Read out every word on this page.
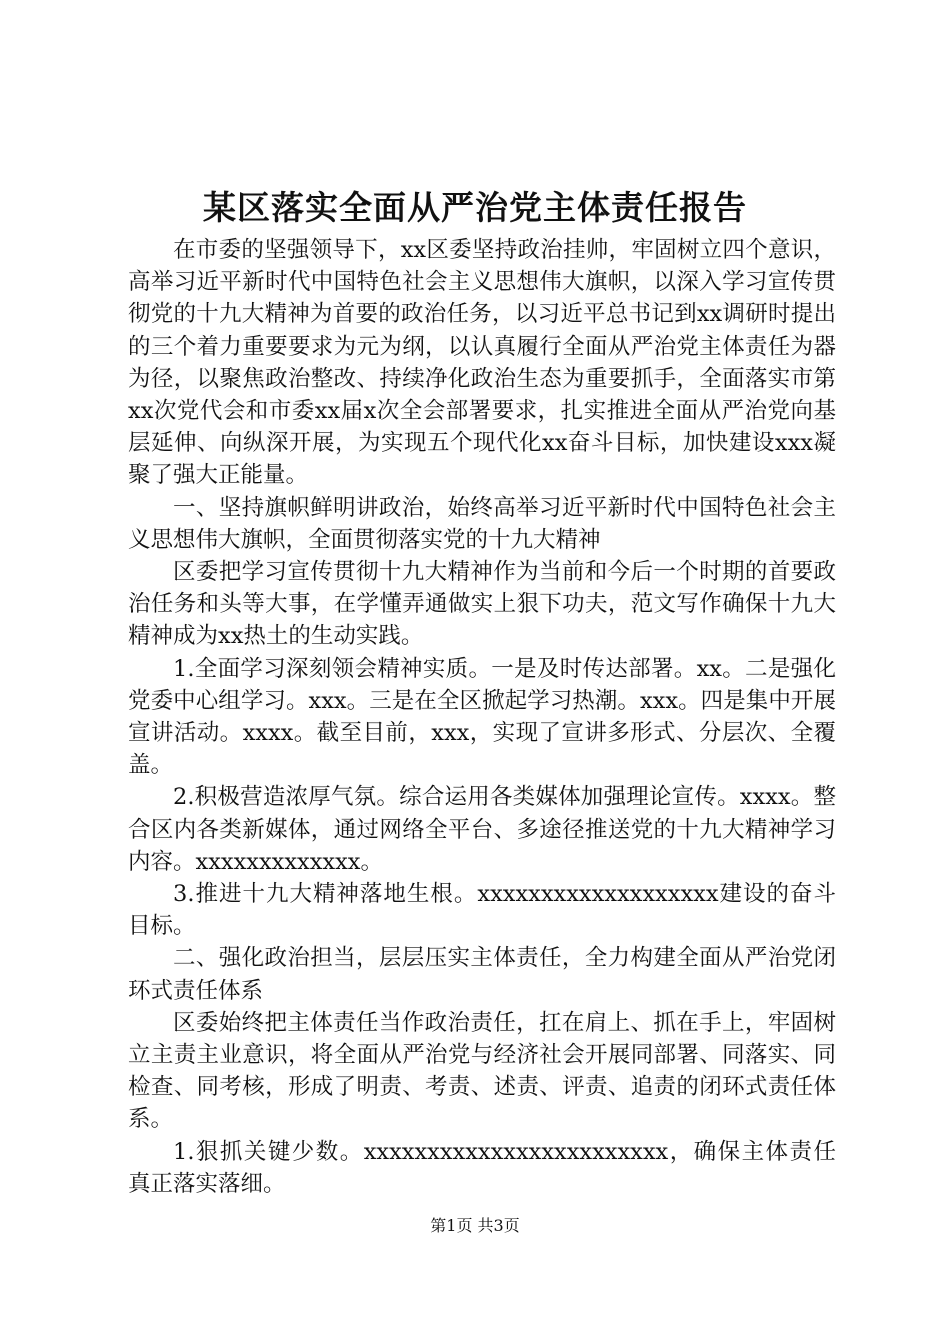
某区落实全面从严治党主体责任报告

在市委的坚强领导下，xx区委坚持政治挂帅，牢固树立四个意识，高举习近平新时代中国特色社会主义思想伟大旗帜，以深入学习宣传贯彻党的十九大精神为首要的政治任务，以习近平总书记到xx调研时提出的三个着力重要要求为元为纲，以认真履行全面从严治党主体责任为器为径，以聚焦政治整改、持续净化政治生态为重要抓手，全面落实市第xx次党代会和市委xx届x次全会部署要求，扎实推进全面从严治党向基层延伸、向纵深开展，为实现五个现代化xx奋斗目标，加快建设xxx凝聚了强大正能量。

一、坚持旗帜鲜明讲政治，始终高举习近平新时代中国特色社会主义思想伟大旗帜，全面贯彻落实党的十九大精神

区委把学习宣传贯彻十九大精神作为当前和今后一个时期的首要政治任务和头等大事，在学懂弄通做实上狠下功夫，范文写作确保十九大精神成为xx热土的生动实践。

1.全面学习深刻领会精神实质。一是及时传达部署。xx。二是强化党委中心组学习。xxx。三是在全区掀起学习热潮。xxx。四是集中开展宣讲活动。xxxx。截至目前，xxx，实现了宣讲多形式、分层次、全覆盖。

2.积极营造浓厚气氛。综合运用各类媒体加强理论宣传。xxxx。整合区内各类新媒体，通过网络全平台、多途径推送党的十九大精神学习内容。xxxxxxxxxxxxx。

3.推进十九大精神落地生根。xxxxxxxxxxxxxxxxxxx建设的奋斗目标。

二、强化政治担当，层层压实主体责任，全力构建全面从严治党闭环式责任体系

区委始终把主体责任当作政治责任，扛在肩上、抓在手上，牢固树立主责主业意识，将全面从严治党与经济社会开展同部署、同落实、同检查、同考核，形成了明责、考责、述责、评责、追责的闭环式责任体系。

1.狠抓关键少数。xxxxxxxxxxxxxxxxxxxxxxxx，确保主体责任真正落实落细。

第1页 共3页
